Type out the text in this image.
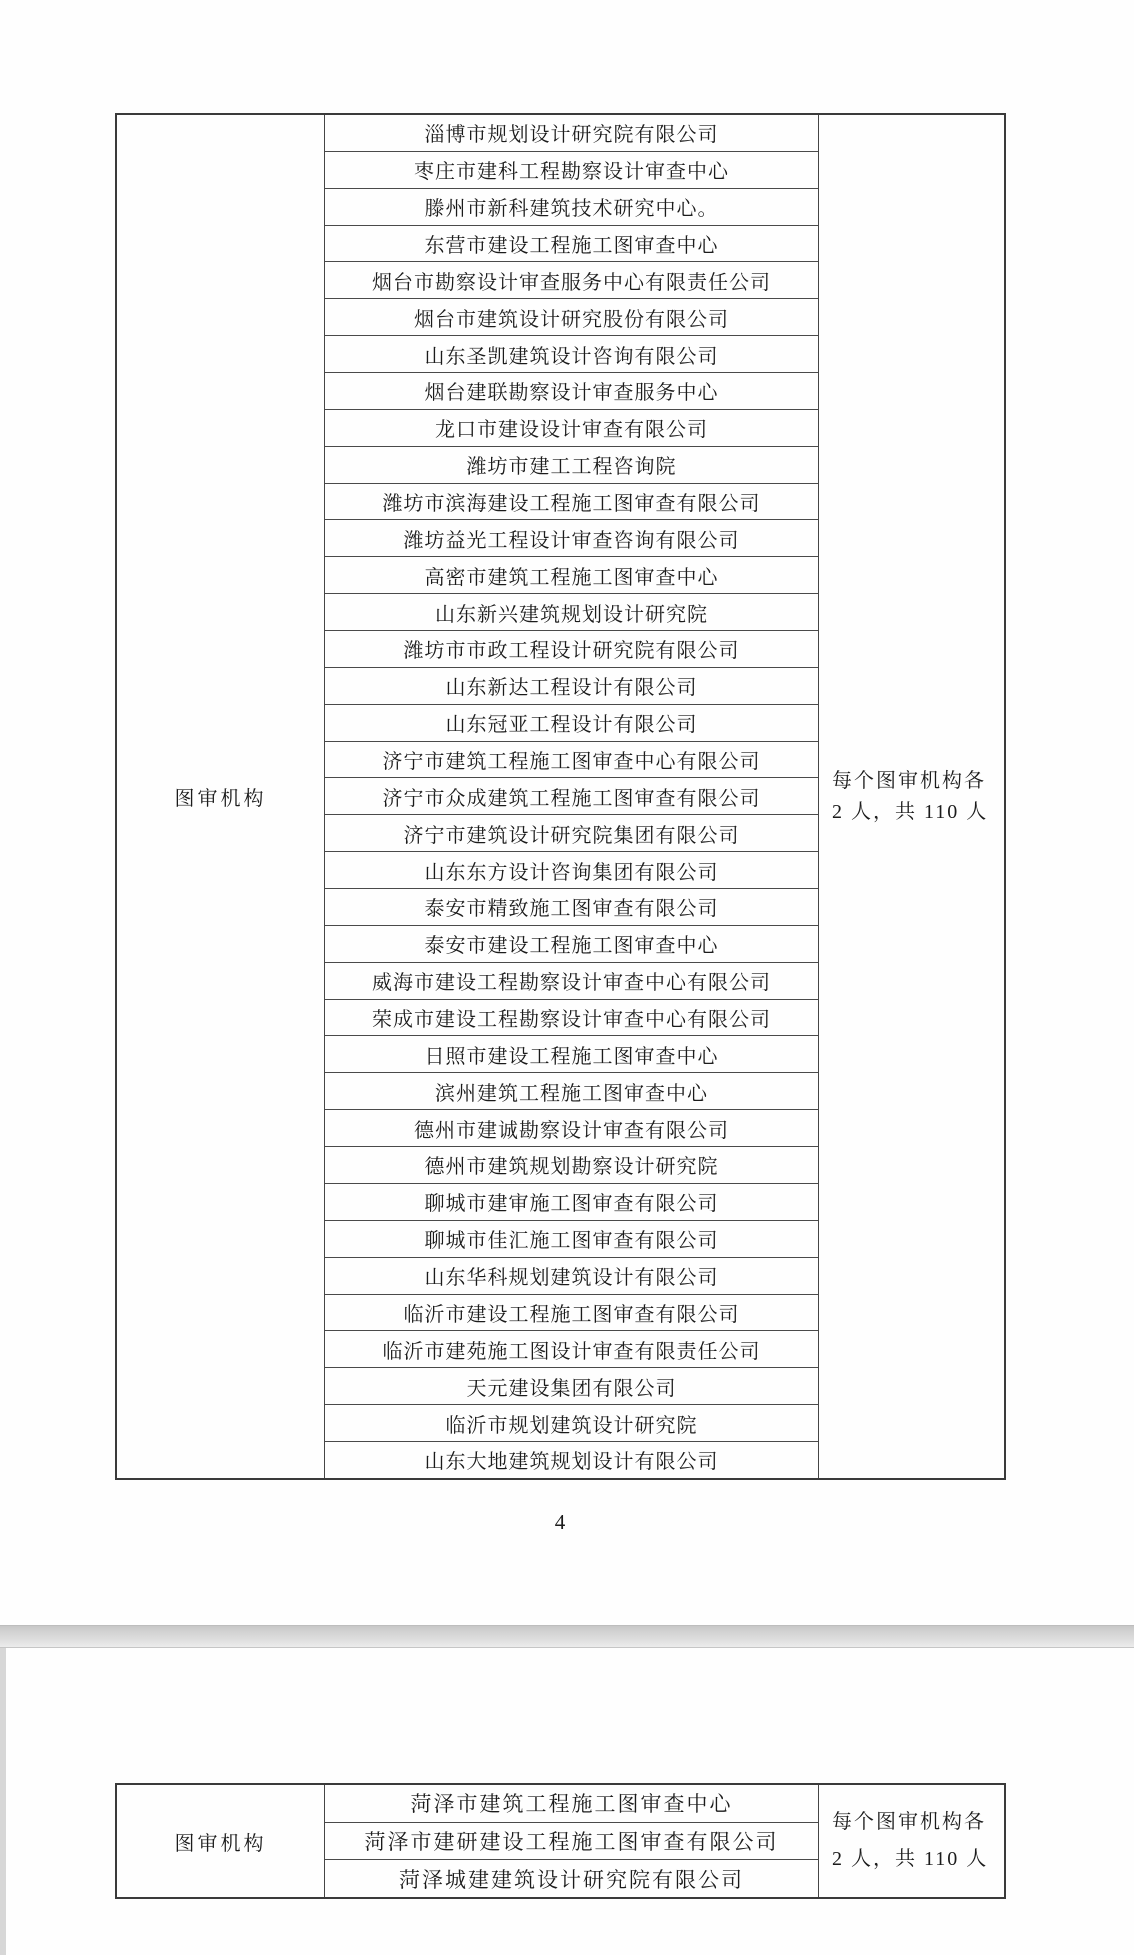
图审机构
淄博市规划设计研究院有限公司
枣庄市建科工程勘察设计审查中心
滕州市新科建筑技术研究中心。
东营市建设工程施工图审查中心
烟台市勘察设计审查服务中心有限责任公司
烟台市建筑设计研究股份有限公司
山东圣凯建筑设计咨询有限公司
烟台建联勘察设计审查服务中心
龙口市建设设计审查有限公司
潍坊市建工工程咨询院
潍坊市滨海建设工程施工图审查有限公司
潍坊益光工程设计审查咨询有限公司
高密市建筑工程施工图审查中心
山东新兴建筑规划设计研究院
潍坊市市政工程设计研究院有限公司
山东新达工程设计有限公司
山东冠亚工程设计有限公司
济宁市建筑工程施工图审查中心有限公司
济宁市众成建筑工程施工图审查有限公司
济宁市建筑设计研究院集团有限公司
山东东方设计咨询集团有限公司
泰安市精致施工图审查有限公司
泰安市建设工程施工图审查中心
威海市建设工程勘察设计审查中心有限公司
荣成市建设工程勘察设计审查中心有限公司
日照市建设工程施工图审查中心
滨州建筑工程施工图审查中心
德州市建诚勘察设计审查有限公司
德州市建筑规划勘察设计研究院
聊城市建审施工图审查有限公司
聊城市佳汇施工图审查有限公司
山东华科规划建筑设计有限公司
临沂市建设工程施工图审查有限公司
临沂市建苑施工图设计审查有限责任公司
天元建设集团有限公司
临沂市规划建筑设计研究院
山东大地建筑规划设计有限公司
每个图审机构各
2 人，共 110 人
4
图审机构
菏泽市建筑工程施工图审查中心
菏泽市建研建设工程施工图审查有限公司
菏泽城建建筑设计研究院有限公司
每个图审机构各
2 人，共 110 人
